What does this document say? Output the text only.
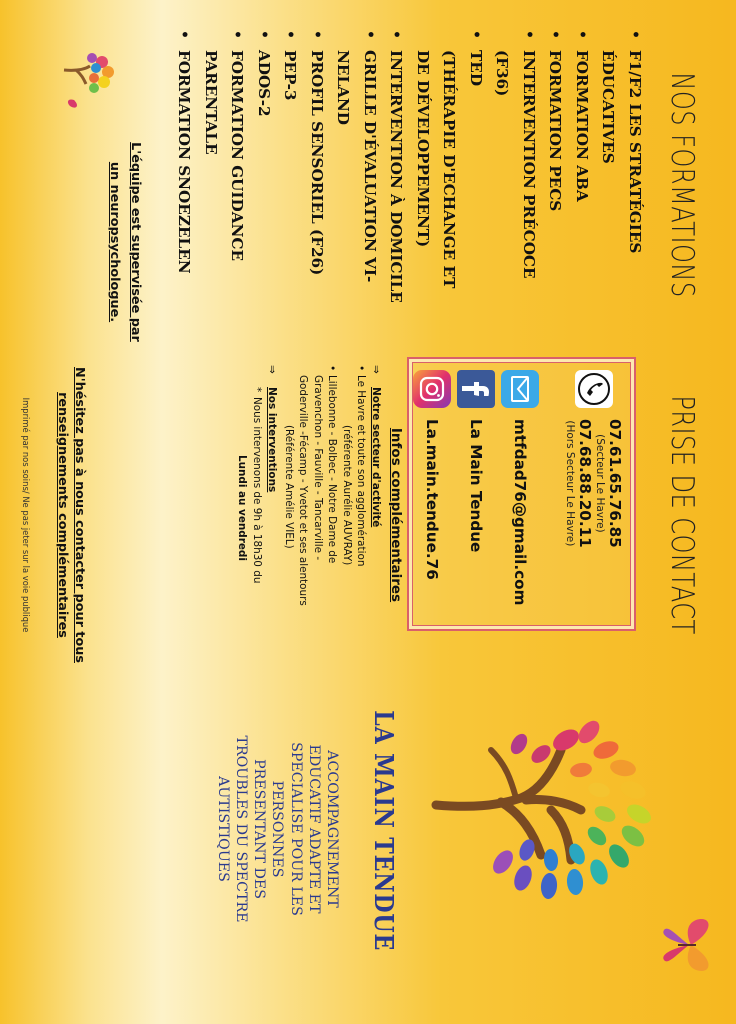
NOS FORMATIONS
• F1/F2 LES STRATÉGIES
ÉDUCATIVES
• FORMATION ABA
• FORMATION PECS
• INTERVENTION PRÉCOCE
(F36)
• TED
(THÉRAPIE D'ECHANGE ET
DE DÉVELOPPEMENT)
• INTERVENTION À DOMICILE
• GRILLE D'ÉVALUATION VI-
NELAND
• PROFIL SENSORIEL (F26)
• PEP-3
• ADOS-2
• FORMATION GUIDANCE
PARENTALE
• FORMATION SNOEZELEN
L'équipe est supervisée par un neuropsychologue.
PRISE DE CONTACT
07.61.65.76.85
(Secteur Le Havre)
07.68.88.20.11
(Hors Secteur Le Havre)
mtfdad76@gmail.com
La Main Tendue
La.main.tendue.76
Infos complémentaires
⇒Notre secteur d'activité
•Le Havre et toute son agglomération
(référente Aurélie AUVRAY)
•Lillebonne - Bolbec - Notre Dame de
Gravenchon - Fauville - Tancarville -
Goderville -Fécamp - Yvetot et ses alentours
(Référente Amélie VIEL)
⇒Nos interventions
*Nous intervenons de 9h à 18h30 du
Lundi au vendredi
N'hésitez pas à nous contacter pour tous renseignements complémentaires
Imprimé par nos soins/ Ne pas jeter sur la voie publique
LA MAIN TENDUE
ACCOMPAGNEMENT
EDUCATIF ADAPTE ET
SPECIALISE POUR LES
PERSONNES
PRESENTANT DES
TROUBLES DU SPECTRE
AUTISTIQUES
